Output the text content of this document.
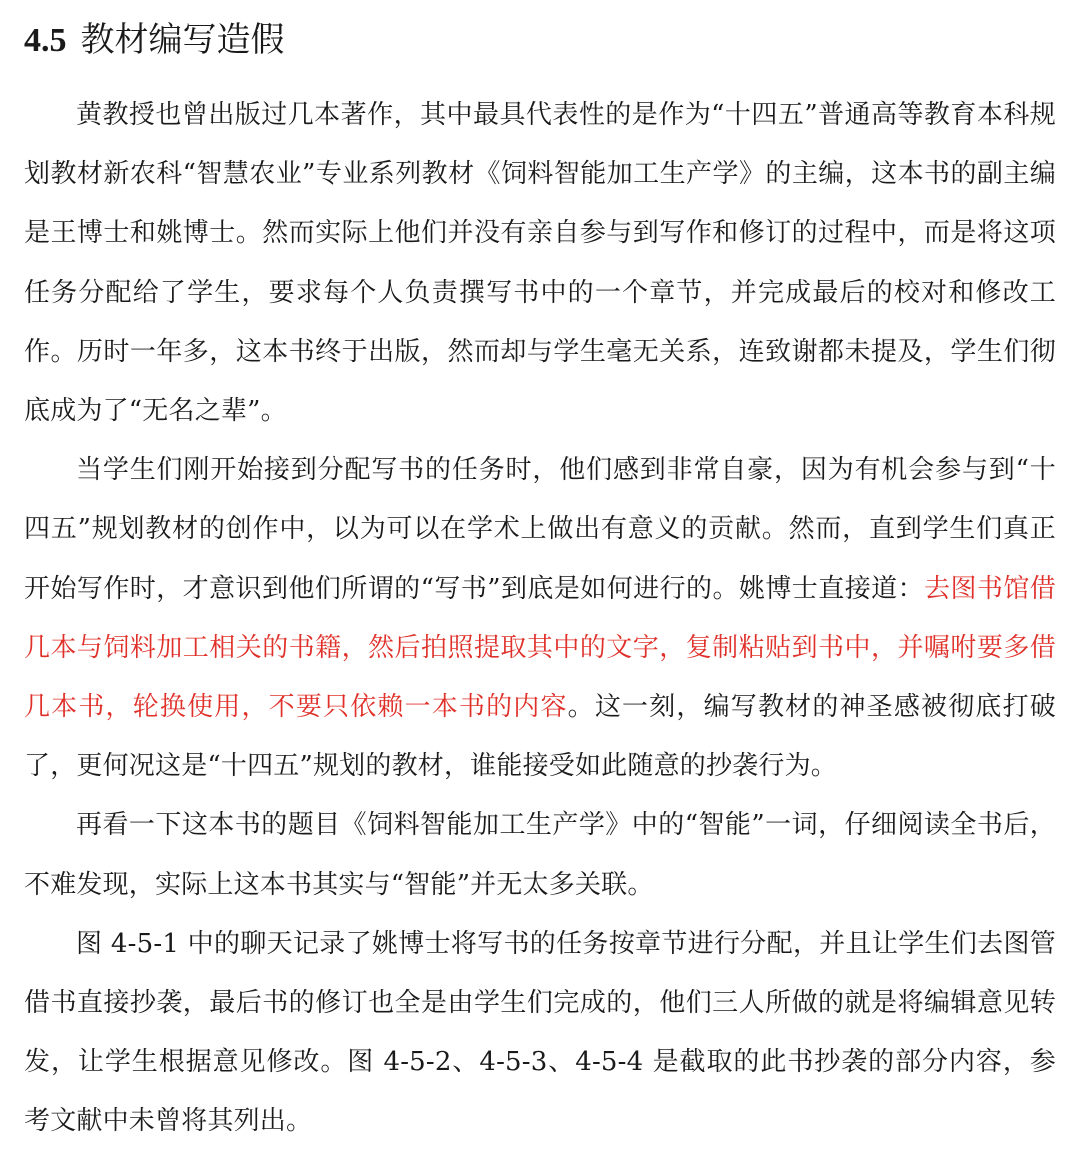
4.5 教材编写造假

黄教授也曾出版过几本著作，其中最具代表性的是作为“十四五”普通高等教育本科规划教材新农科“智慧农业”专业系列教材《饲料智能加工生产学》的主编，这本书的副主编是王博士和姚博士。然而实际上他们并没有亲自参与到写作和修订的过程中，而是将这项任务分配给了学生，要求每个人负责撰写书中的一个章节，并完成最后的校对和修改工作。历时一年多，这本书终于出版，然而却与学生毫无关系，连致谢都未提及，学生们彻底成为了“无名之辈”。

当学生们刚开始接到分配写书的任务时，他们感到非常自豪，因为有机会参与到“十四五”规划教材的创作中，以为可以在学术上做出有意义的贡献。然而，直到学生们真正开始写作时，才意识到他们所谓的“写书”到底是如何进行的。姚博士直接道：去图书馆借几本与饲料加工相关的书籍，然后拍照提取其中的文字，复制粘贴到书中，并嘱咐要多借几本书，轮换使用，不要只依赖一本书的内容。这一刻，编写教材的神圣感被彻底打破了，更何况这是“十四五”规划的教材，谁能接受如此随意的抄袭行为。

再看一下这本书的题目《饲料智能加工生产学》中的“智能”一词，仔细阅读全书后，不难发现，实际上这本书其实与“智能”并无太多关联。

图 4-5-1 中的聊天记录了姚博士将写书的任务按章节进行分配，并且让学生们去图管借书直接抄袭，最后书的修订也全是由学生们完成的，他们三人所做的就是将编辑意见转发，让学生根据意见修改。图 4-5-2、4-5-3、4-5-4 是截取的此书抄袭的部分内容，参考文献中未曾将其列出。
